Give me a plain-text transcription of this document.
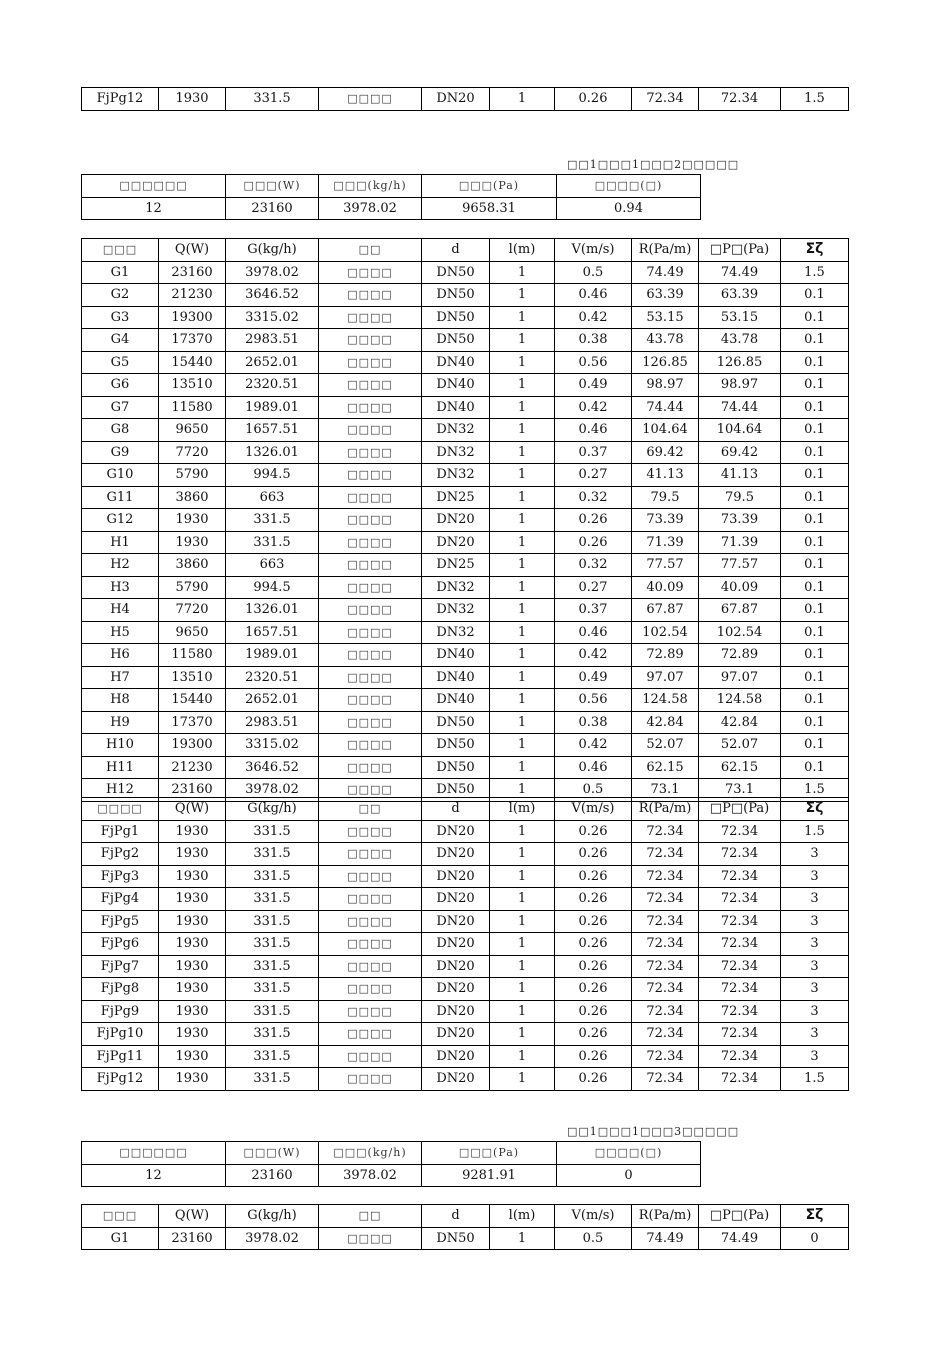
FjPg12	1930	331.5	□□□□	DN20	1	0.26	72.34	72.34	1.5
□□1□□□1□□□2□□□□□
□□□□□□	□□□(W)	□□□(kg/h)	□□□(Pa)	□□□□(□)
12	23160	3978.02	9658.31	0.94
□□□	Q(W)	G(kg/h)	□□	d	l(m)	V(m/s)	R(Pa/m)	□P□(Pa)	Σζ
G1	23160	3978.02	□□□□	DN50	1	0.5	74.49	74.49	1.5
G2	21230	3646.52	□□□□	DN50	1	0.46	63.39	63.39	0.1
G3	19300	3315.02	□□□□	DN50	1	0.42	53.15	53.15	0.1
G4	17370	2983.51	□□□□	DN50	1	0.38	43.78	43.78	0.1
G5	15440	2652.01	□□□□	DN40	1	0.56	126.85	126.85	0.1
G6	13510	2320.51	□□□□	DN40	1	0.49	98.97	98.97	0.1
G7	11580	1989.01	□□□□	DN40	1	0.42	74.44	74.44	0.1
G8	9650	1657.51	□□□□	DN32	1	0.46	104.64	104.64	0.1
G9	7720	1326.01	□□□□	DN32	1	0.37	69.42	69.42	0.1
G10	5790	994.5	□□□□	DN32	1	0.27	41.13	41.13	0.1
G11	3860	663	□□□□	DN25	1	0.32	79.5	79.5	0.1
G12	1930	331.5	□□□□	DN20	1	0.26	73.39	73.39	0.1
H1	1930	331.5	□□□□	DN20	1	0.26	71.39	71.39	0.1
H2	3860	663	□□□□	DN25	1	0.32	77.57	77.57	0.1
H3	5790	994.5	□□□□	DN32	1	0.27	40.09	40.09	0.1
H4	7720	1326.01	□□□□	DN32	1	0.37	67.87	67.87	0.1
H5	9650	1657.51	□□□□	DN32	1	0.46	102.54	102.54	0.1
H6	11580	1989.01	□□□□	DN40	1	0.42	72.89	72.89	0.1
H7	13510	2320.51	□□□□	DN40	1	0.49	97.07	97.07	0.1
H8	15440	2652.01	□□□□	DN40	1	0.56	124.58	124.58	0.1
H9	17370	2983.51	□□□□	DN50	1	0.38	42.84	42.84	0.1
H10	19300	3315.02	□□□□	DN50	1	0.42	52.07	52.07	0.1
H11	21230	3646.52	□□□□	DN50	1	0.46	62.15	62.15	0.1
H12	23160	3978.02	□□□□	DN50	1	0.5	73.1	73.1	1.5
□□□□	Q(W)	G(kg/h)	□□	d	l(m)	V(m/s)	R(Pa/m)	□P□(Pa)	Σζ
FjPg1	1930	331.5	□□□□	DN20	1	0.26	72.34	72.34	1.5
FjPg2	1930	331.5	□□□□	DN20	1	0.26	72.34	72.34	3
FjPg3	1930	331.5	□□□□	DN20	1	0.26	72.34	72.34	3
FjPg4	1930	331.5	□□□□	DN20	1	0.26	72.34	72.34	3
FjPg5	1930	331.5	□□□□	DN20	1	0.26	72.34	72.34	3
FjPg6	1930	331.5	□□□□	DN20	1	0.26	72.34	72.34	3
FjPg7	1930	331.5	□□□□	DN20	1	0.26	72.34	72.34	3
FjPg8	1930	331.5	□□□□	DN20	1	0.26	72.34	72.34	3
FjPg9	1930	331.5	□□□□	DN20	1	0.26	72.34	72.34	3
FjPg10	1930	331.5	□□□□	DN20	1	0.26	72.34	72.34	3
FjPg11	1930	331.5	□□□□	DN20	1	0.26	72.34	72.34	3
FjPg12	1930	331.5	□□□□	DN20	1	0.26	72.34	72.34	1.5
□□1□□□1□□□3□□□□□
□□□□□□	□□□(W)	□□□(kg/h)	□□□(Pa)	□□□□(□)
12	23160	3978.02	9281.91	0
□□□	Q(W)	G(kg/h)	□□	d	l(m)	V(m/s)	R(Pa/m)	□P□(Pa)	Σζ
G1	23160	3978.02	□□□□	DN50	1	0.5	74.49	74.49	0
